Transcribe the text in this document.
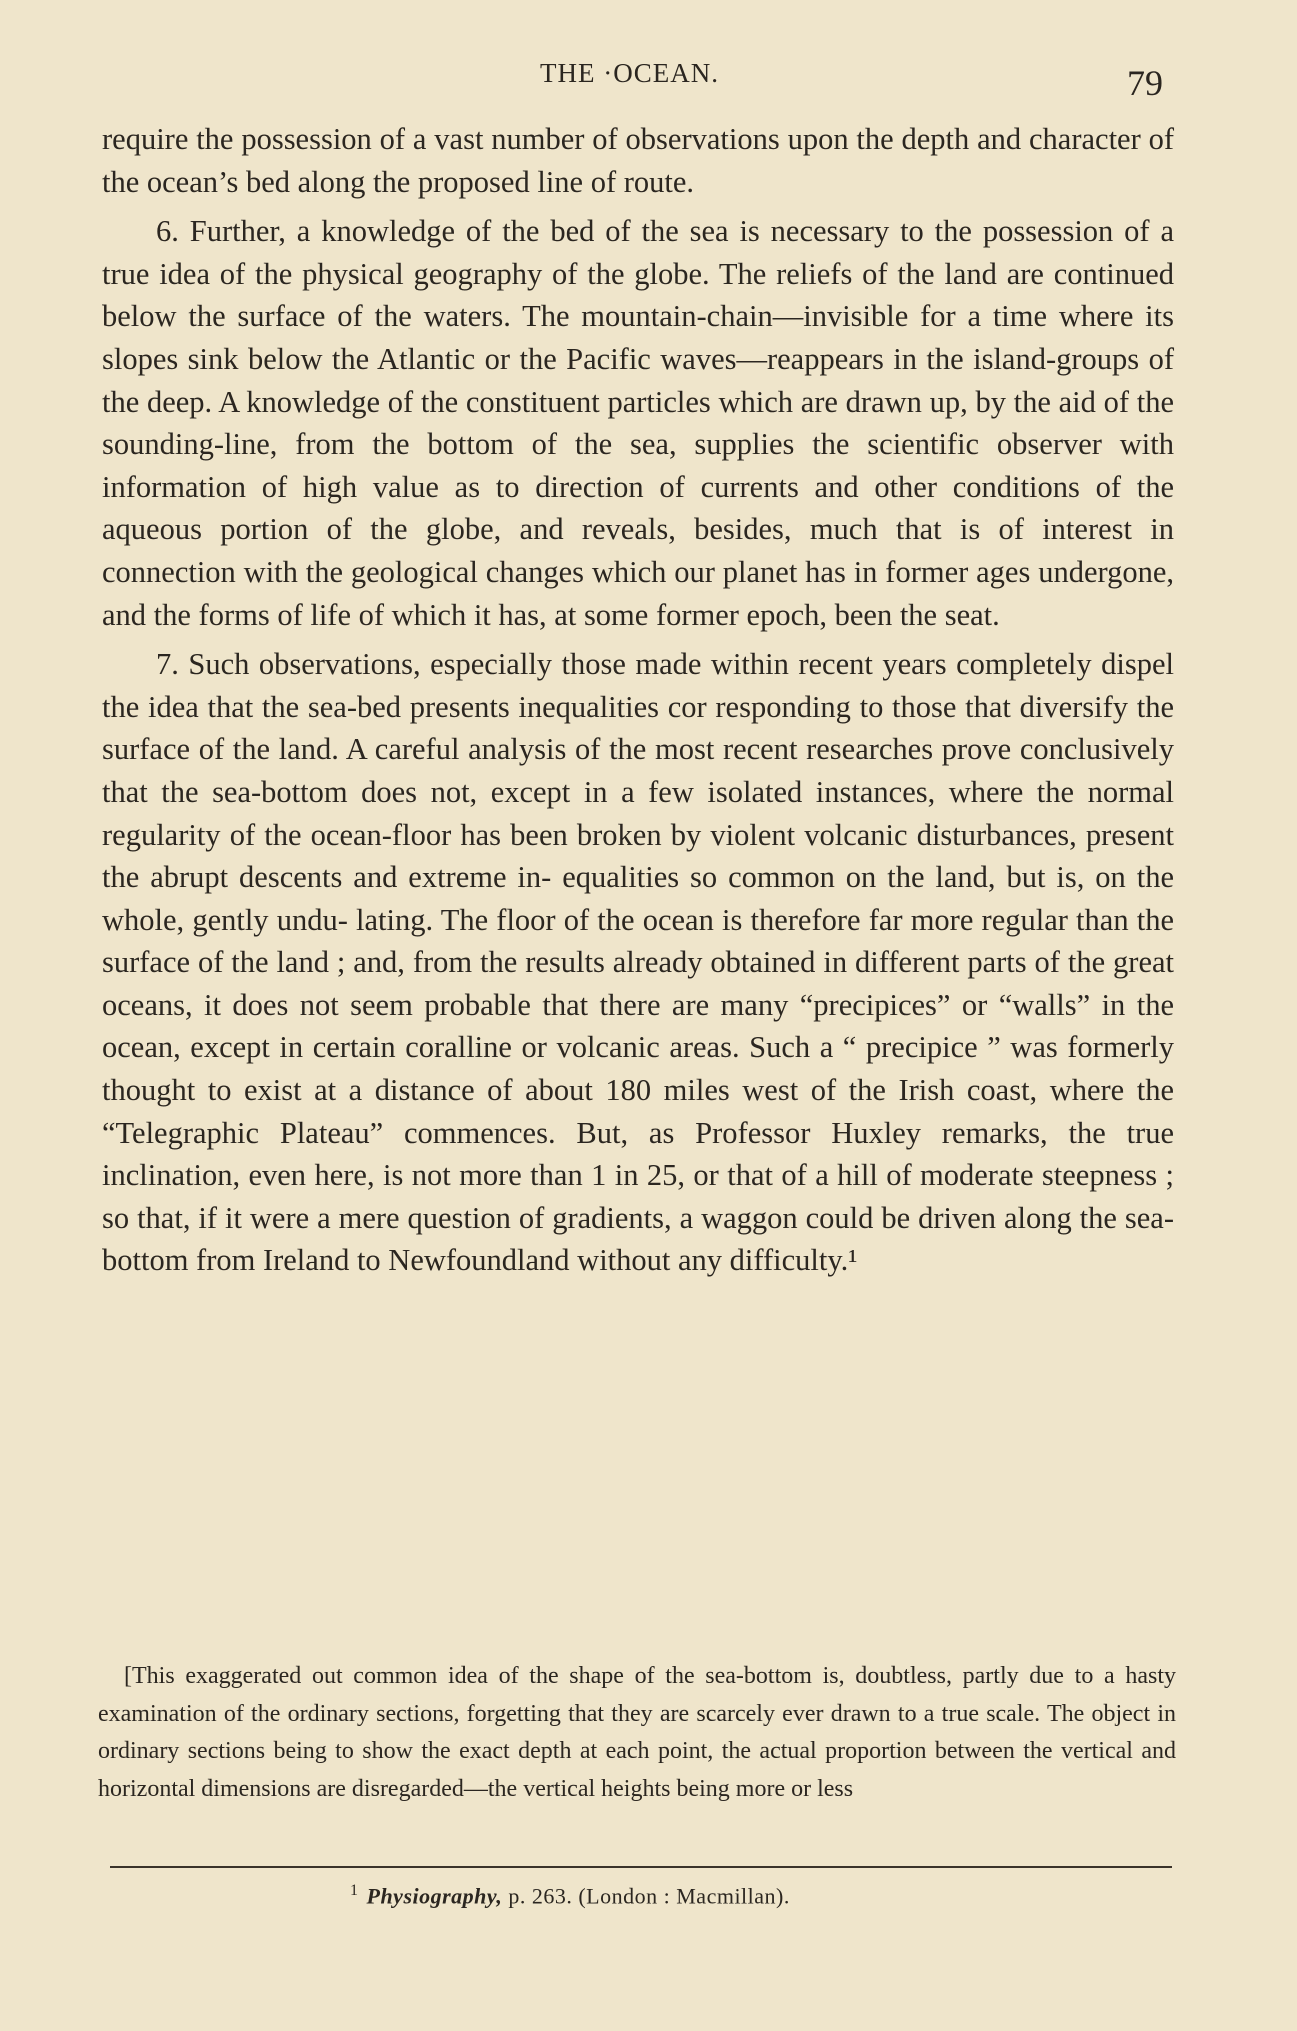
THE ·OCEAN.	79

require the possession of a vast number of observations upon the depth and character of the ocean’s bed along the proposed line of route.

6. Further, a knowledge of the bed of the sea is necessary to the possession of a true idea of the physical geography of the globe. The reliefs of the land are continued below the surface of the waters. The mountain-chain—invisible for a time where its slopes sink below the Atlantic or the Pacific waves—reappears in the island-groups of the deep. A knowledge of the constituent particles which are drawn up, by the aid of the sounding-line, from the bottom of the sea, supplies the scientific observer with information of high value as to direction of currents and other conditions of the aqueous portion of the globe, and reveals, besides, much that is of interest in connection with the geological changes which our planet has in former ages undergone, and the forms of life of which it has, at some former epoch, been the seat.

7. Such observations, especially those made within recent years completely dispel the idea that the sea-bed presents inequalities cor responding to those that diversify the surface of the land. A careful analysis of the most recent researches prove conclusively that the sea-bottom does not, except in a few isolated instances, where the normal regularity of the ocean-floor has been broken by violent volcanic disturbances, present the abrupt descents and extreme in- equalities so common on the land, but is, on the whole, gently undu- lating. The floor of the ocean is therefore far more regular than the surface of the land ; and, from the results already obtained in different parts of the great oceans, it does not seem probable that there are many “precipices” or “walls” in the ocean, except in certain coralline or volcanic areas. Such a “ precipice ” was formerly thought to exist at a distance of about 180 miles west of the Irish coast, where the “Telegraphic Plateau” commences. But, as Professor Huxley remarks, the true inclination, even here, is not more than 1 in 25, or that of a hill of moderate steepness ; so that, if it were a mere question of gradients, a waggon could be driven along the sea- bottom from Ireland to Newfoundland without any difficulty.¹

[This exaggerated out common idea of the shape of the sea-bottom is, doubtless, partly due to a hasty examination of the ordinary sections, forgetting that they are scarcely ever drawn to a true scale. The object in ordinary sections being to show the exact depth at each point, the actual proportion between the vertical and horizontal dimensions are disregarded—the vertical heights being more or less

$^1$ Physiography, p. 263. (London : Macmillan).
